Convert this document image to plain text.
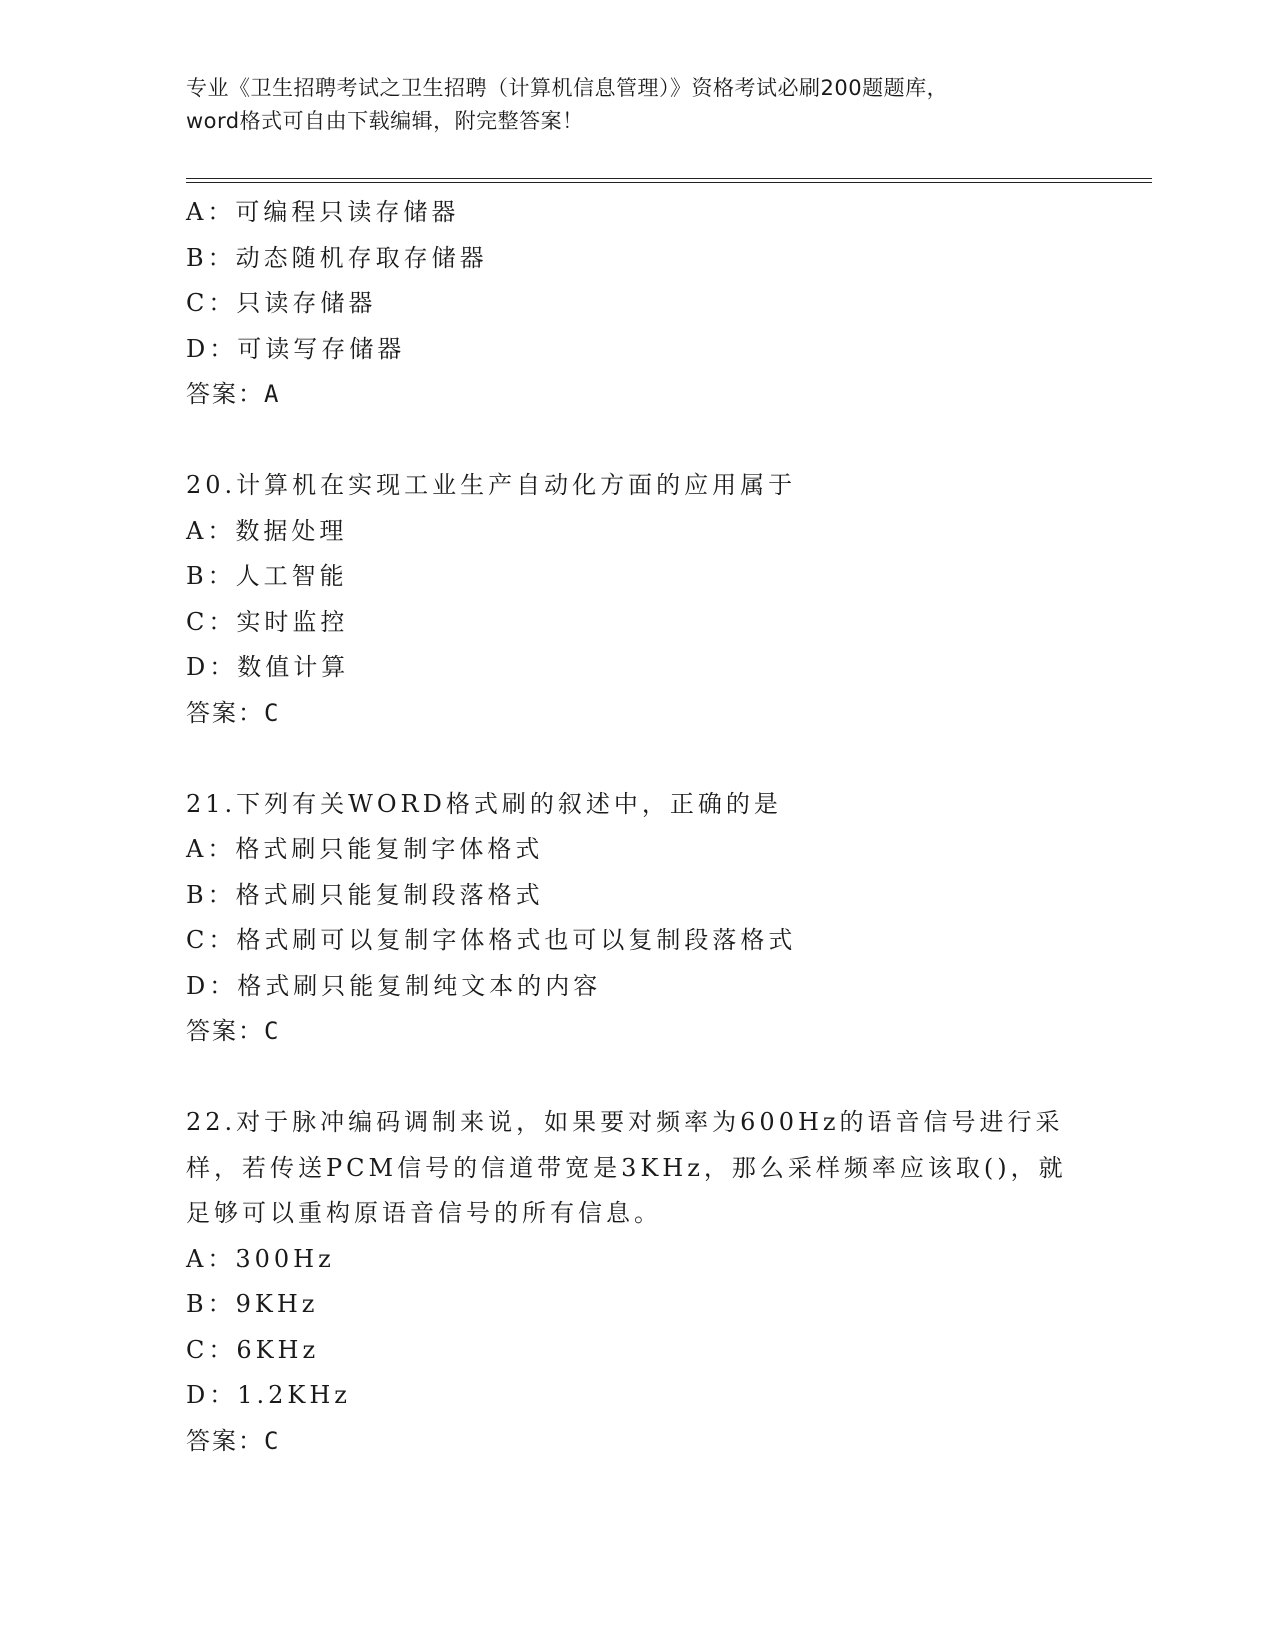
专业《卫生招聘考试之卫生招聘（计算机信息管理）》资格考试必刷200题题库，
word格式可自由下载编辑，附完整答案！
A：可编程只读存储器
B：动态随机存取存储器
C：只读存储器
D：可读写存储器
答案：A
20.计算机在实现工业生产自动化方面的应用属于
A：数据处理
B：人工智能
C：实时监控
D：数值计算
答案：C
21.下列有关WORD格式刷的叙述中，正确的是
A：格式刷只能复制字体格式
B：格式刷只能复制段落格式
C：格式刷可以复制字体格式也可以复制段落格式
D：格式刷只能复制纯文本的内容
答案：C
22.对于脉冲编码调制来说，如果要对频率为600Hz的语音信号进行采
样，若传送PCM信号的信道带宽是3KHz，那么采样频率应该取()，就
足够可以重构原语音信号的所有信息。
A：300Hz
B：9KHz
C：6KHz
D：1.2KHz
答案：C
